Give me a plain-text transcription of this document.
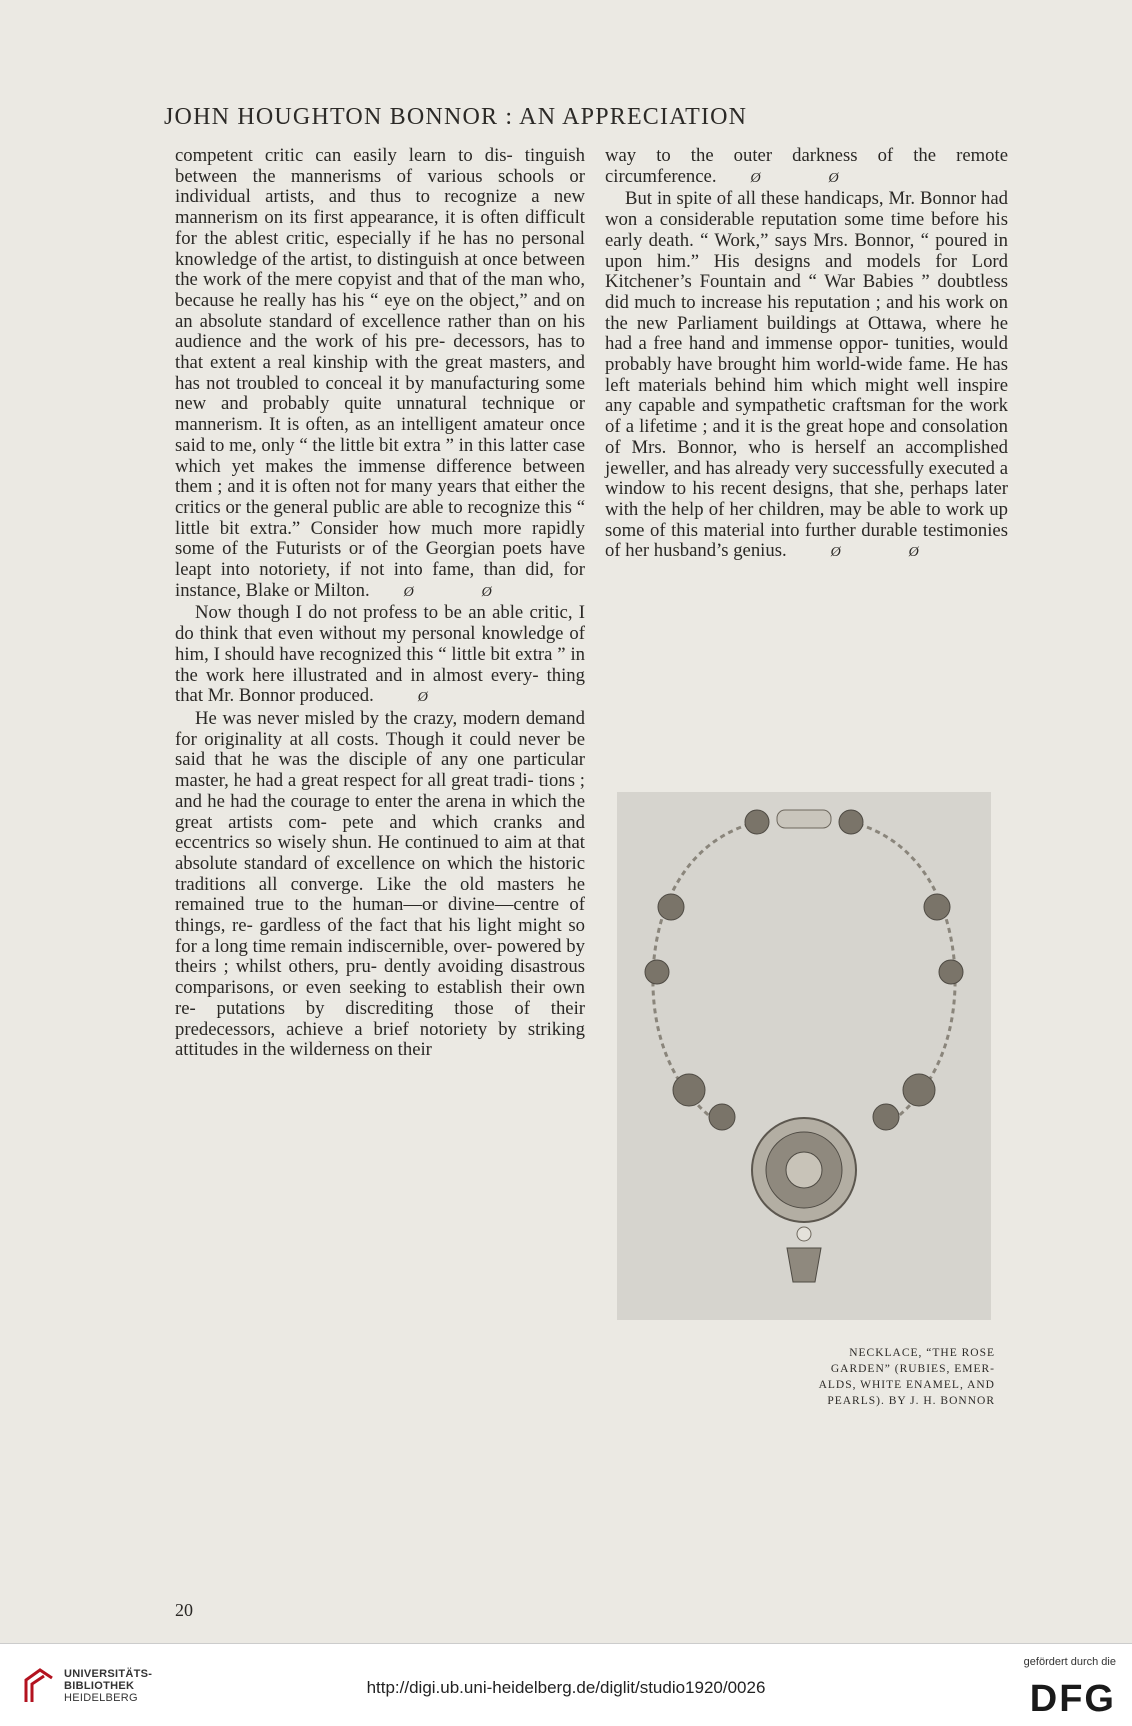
JOHN HOUGHTON BONNOR : AN APPRECIATION

competent critic can easily learn to dis- tinguish between the mannerisms of various schools or individual artists, and thus to recognize a new mannerism on its first appearance, it is often difficult for the ablest critic, especially if he has no personal knowledge of the artist, to distinguish at once between the work of the mere copyist and that of the man who, because he really has his “ eye on the object,” and on an absolute standard of excellence rather than on his audience and the work of his pre- decessors, has to that extent a real kinship with the great masters, and has not troubled to conceal it by manufacturing some new and probably quite unnatural technique or mannerism. It is often, as an intelligent amateur once said to me, only “ the little bit extra ” in this latter case which yet makes the immense difference between them ; and it is often not for many years that either the critics or the general public are able to recognize this “ little bit extra.” Consider how much more rapidly some of the Futurists or of the Georgian poets have leapt into notoriety, if not into fame, than did, for instance, Blake or Milton. Ø	Ø

Now though I do not profess to be an able critic, I do think that even without my personal knowledge of him, I should have recognized this “ little bit extra ” in the work here illustrated and in almost every- thing that Mr. Bonnor produced.	Ø

He was never misled by the crazy, modern demand for originality at all costs. Though it could never be said that he was the disciple of any one particular master, he had a great respect for all great tradi- tions ; and he had the courage to enter the arena in which the great artists com- pete and which cranks and eccentrics so wisely shun. He continued to aim at that absolute standard of excellence on which the historic traditions all converge. Like the old masters he remained true to the human—or divine—centre of things, re- gardless of the fact that his light might so for a long time remain indiscernible, over- powered by theirs ; whilst others, pru- dently avoiding disastrous comparisons, or even seeking to establish their own re- putations by discrediting those of their predecessors, achieve a brief notoriety by striking attitudes in the wilderness on their

way to the outer darkness of the remote circumference. Ø	Ø

But in spite of all these handicaps, Mr. Bonnor had won a considerable reputation some time before his early death. “ Work,” says Mrs. Bonnor, “ poured in upon him.” His designs and models for Lord Kitchener’s Fountain and “ War Babies ” doubtless did much to increase his reputation ; and his work on the new Parliament buildings at Ottawa, where he had a free hand and immense oppor- tunities, would probably have brought him world-wide fame. He has left materials behind him which might well inspire any capable and sympathetic craftsman for the work of a lifetime ; and it is the great hope and consolation of Mrs. Bonnor, who is herself an accomplished jeweller, and has already very successfully executed a window to his recent designs, that she, perhaps later with the help of her children, may be able to work up some of this material into further durable testimonies of her husband’s genius.	Ø	Ø

NECKLACE, “THE ROSE GARDEN” (RUBIES, EMER- ALDS, WHITE ENAMEL, AND PEARLS). BY J. H. BONNOR
20
UNIVERSITÄTS-
BIBLIOTHEK
HEIDELBERG
http://digi.ub.uni-heidelberg.de/diglit/studio1920/0026
gefördert durch die
DFG
